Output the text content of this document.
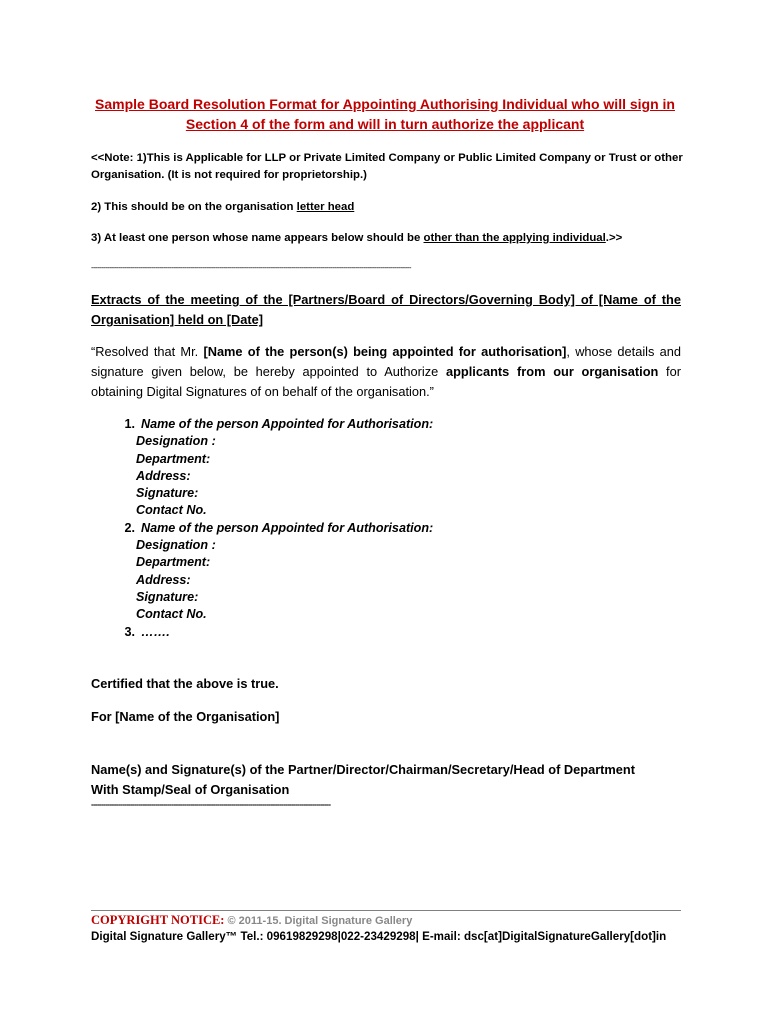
Sample Board Resolution Format for Appointing Authorising Individual who will sign in
Section 4 of the form and will in turn authorize the applicant
<<Note: 1)This is Applicable for LLP or Private Limited Company or Public Limited Company or Trust or other
Organisation. (It is not required for proprietorship.)
2) This should be on the organisation letter head
3) At least one person whose name appears below should be other than the applying individual.>>
-----------------------------------------------------------------------------------------------------------------------------------------------------------
Extracts of the meeting of the [Partners/Board of Directors/Governing Body] of [Name of the
Organisation] held on [Date]
“Resolved that Mr. [Name of the person(s) being appointed for authorisation], whose details and signature given below, be hereby appointed to Authorize applicants from our organisation for obtaining Digital Signatures of on behalf of the organisation.”
1. Name of the person Appointed for Authorisation:
Designation :
Department:
Address:
Signature:
Contact No.
2. Name of the person Appointed for Authorisation:
Designation :
Department:
Address:
Signature:
Contact No.
3. …….
Certified that the above is true.
For [Name of the Organisation]
Name(s) and Signature(s) of the Partner/Director/Chairman/Secretary/Head of Department
With Stamp/Seal of Organisation
--------------------------------------------------------------------------------------------------------------------
COPYRIGHT NOTICE: © 2011-15. Digital Signature Gallery
Digital Signature Gallery™ Tel.: 09619829298|022-23429298| E-mail: dsc[at]DigitalSignatureGallery[dot]in
